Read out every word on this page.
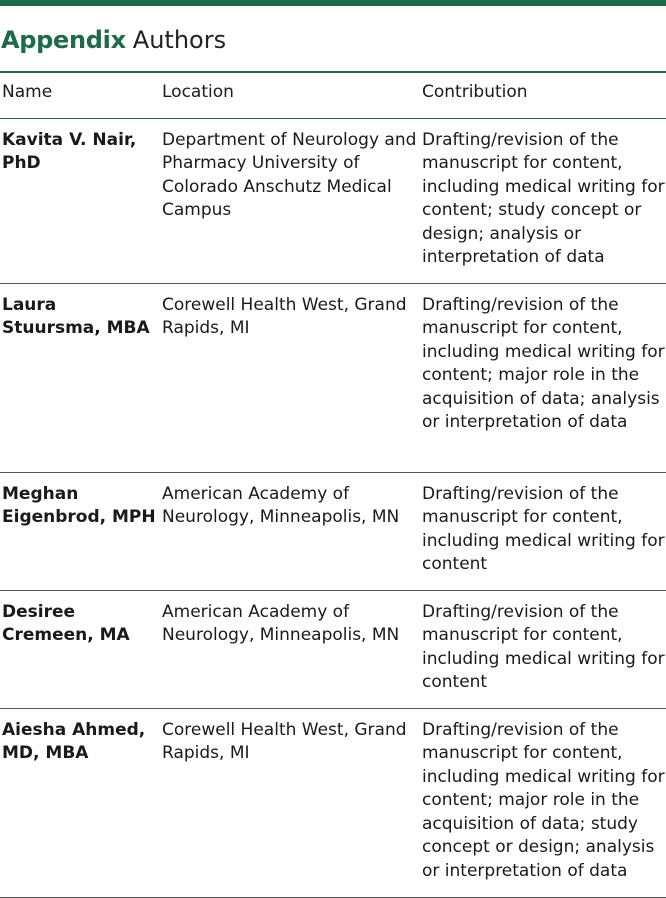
Appendix Authors
Name	Location	Contribution
Kavita V. Nair, PhD	Department of Neurology and Pharmacy University of Colorado Anschutz Medical Campus	Drafting/revision of the manuscript for content, including medical writing for content; study concept or design; analysis or interpretation of data
Laura Stuursma, MBA	Corewell Health West, Grand Rapids, MI	Drafting/revision of the manuscript for content, including medical writing for content; major role in the acquisition of data; analysis or interpretation of data
Meghan Eigenbrod, MPH	American Academy of Neurology, Minneapolis, MN	Drafting/revision of the manuscript for content, including medical writing for content
Desiree Cremeen, MA	American Academy of Neurology, Minneapolis, MN	Drafting/revision of the manuscript for content, including medical writing for content
Aiesha Ahmed, MD, MBA	Corewell Health West, Grand Rapids, MI	Drafting/revision of the manuscript for content, including medical writing for content; major role in the acquisition of data; study concept or design; analysis or interpretation of data
